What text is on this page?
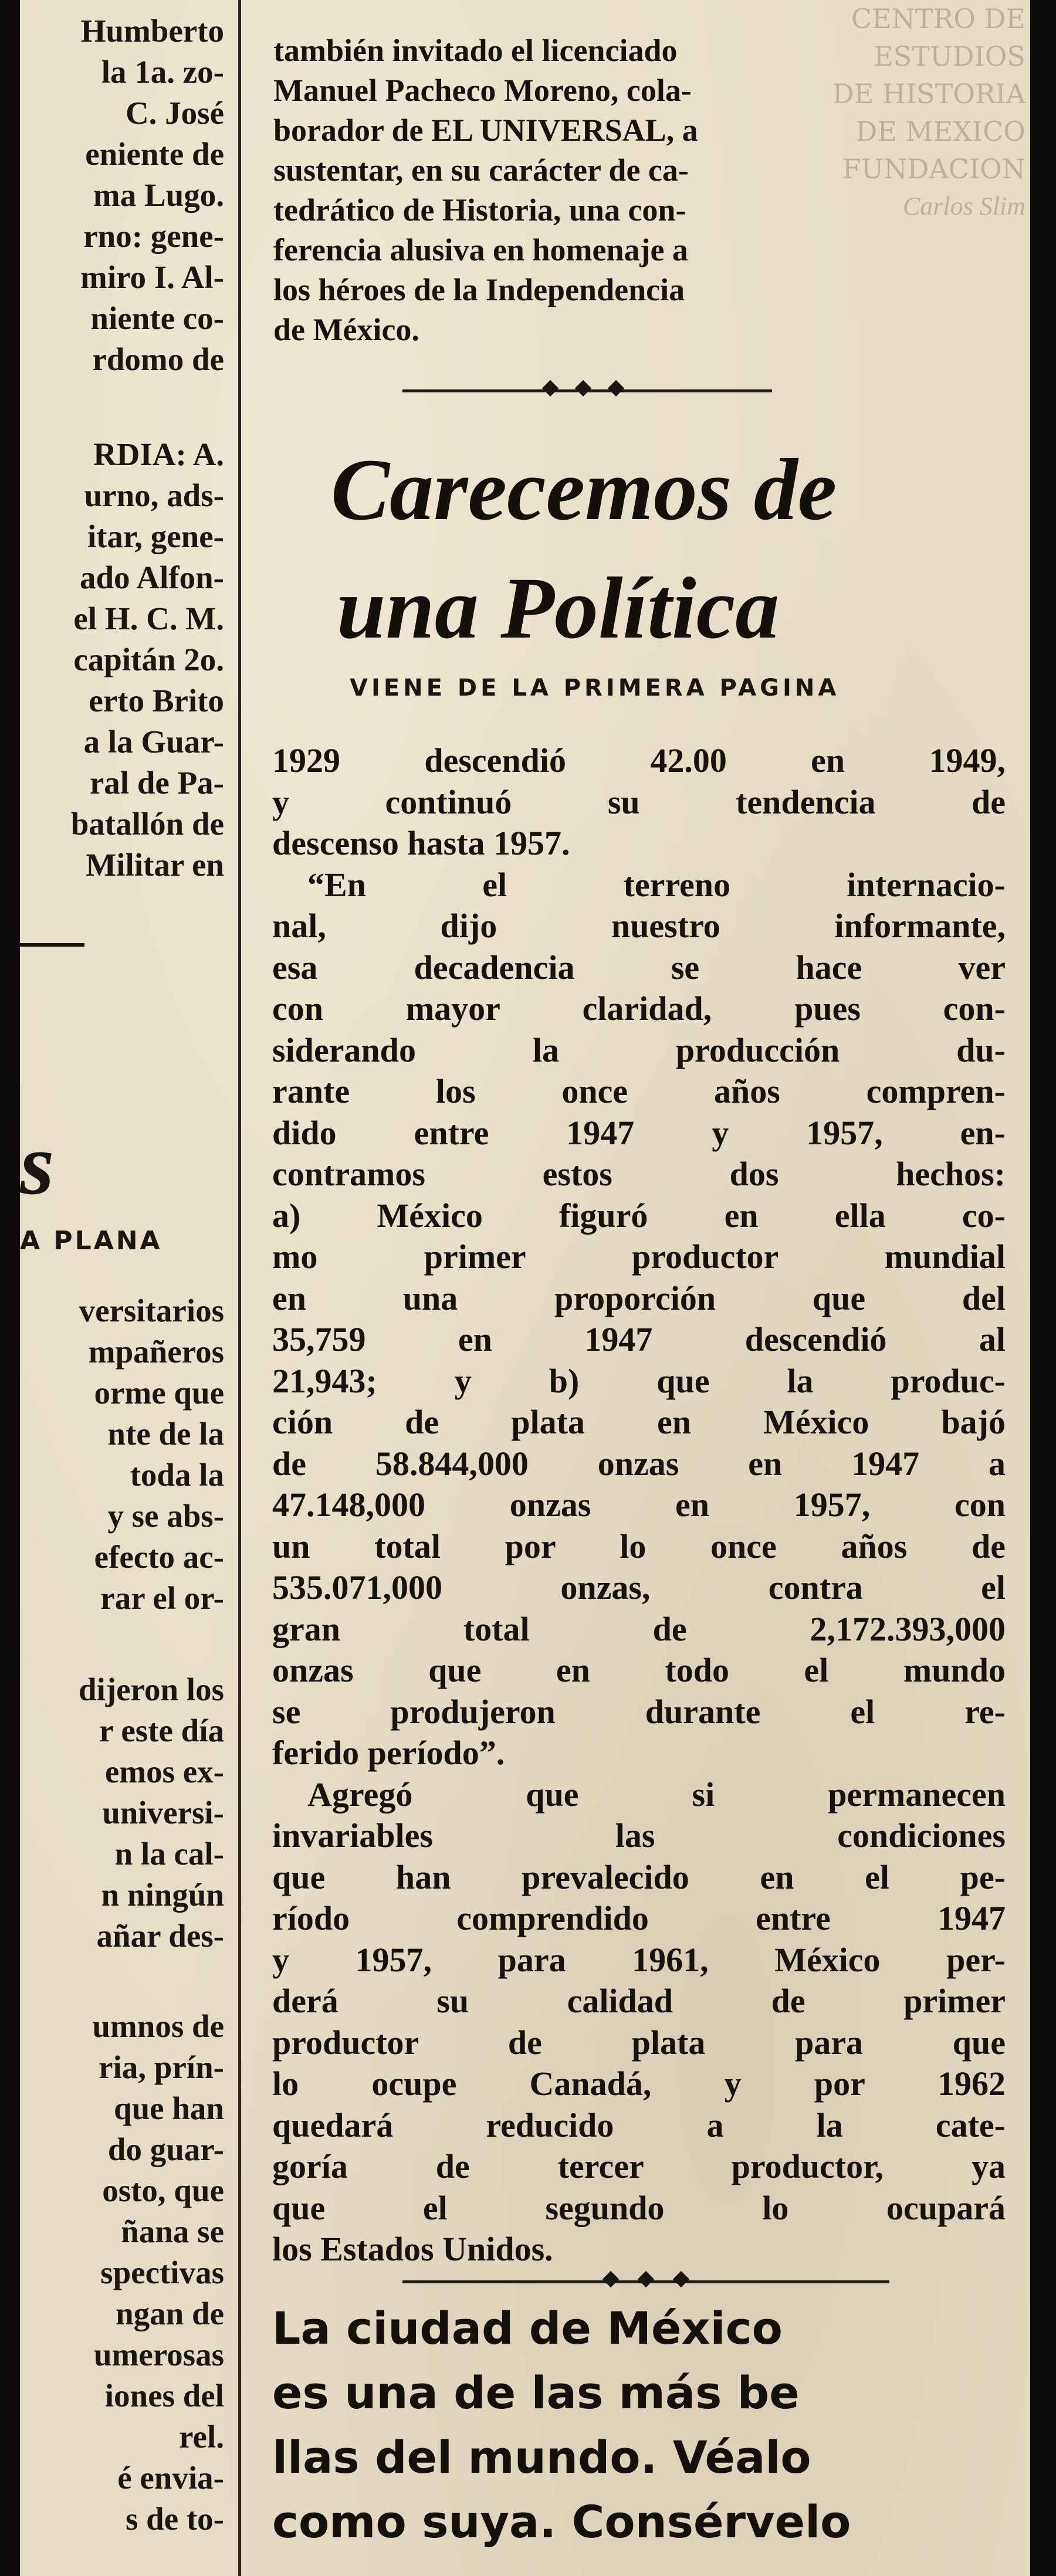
Humberto
la 1a. zo-
C. José
eniente de
ma Lugo.
rno: gene-
miro I. Al-
niente co-
rdomo de
RDIA: A.
urno, ads-
itar, gene-
ado Alfon-
el H. C. M.
capitán 2o.
erto Brito
a la Guar-
ral de Pa-
batallón de
Militar en
s
A PLANA
versitarios
mpañeros
orme que
nte de la
toda la
y se abs-
efecto ac-
rar el or-
dijeron los
r este día
emos ex-
universi-
n la cal-
n ningún
añar des-
umnos de
ria, prín-
que han
do guar-
osto, que
ñana se
spectivas
ngan de
umerosas
iones del
rel.
é envia-
s de to-
también invitado el licenciado
Manuel Pacheco Moreno, cola-
borador de EL UNIVERSAL, a
sustentar, en su carácter de ca-
tedrático de Historia, una con-
ferencia alusiva en homenaje a
los héroes de la Independencia
de México.
Carecemos de
una Política
VIENE DE LA PRIMERA PAGINA
1929 descendió 42.00 en 1949,
y continuó su tendencia de
descenso hasta 1957.
“En el terreno internacio-
nal, dijo nuestro informante,
esa decadencia se hace ver
con mayor claridad, pues con-
siderando la producción du-
rante los once años compren-
dido entre 1947 y 1957, en-
contramos estos dos hechos:
a) México figuró en ella co-
mo primer productor mundial
en una proporción que del
35,759 en 1947 descendió al
21,943; y b) que la produc-
ción de plata en México bajó
de 58.844,000 onzas en 1947 a
47.148,000 onzas en 1957, con
un total por lo once años de
535.071,000 onzas, contra el
gran total de 2,172.393,000
onzas que en todo el mundo
se produjeron durante el re-
ferido período”.
Agregó que si permanecen
invariables las condiciones
que han prevalecido en el pe-
ríodo comprendido entre 1947
y 1957, para 1961, México per-
derá su calidad de primer
productor de plata para que
lo ocupe Canadá, y por 1962
quedará reducido a la cate-
goría de tercer productor, ya
que el segundo lo ocupará
los Estados Unidos.
La ciudad de México
es una de las más be
llas del mundo. Véalo
como suya. Consérvelo
CENTRO DE
ESTUDIOS
DE HISTORIA
DE MEXICO
FUNDACION
Carlos Slim
